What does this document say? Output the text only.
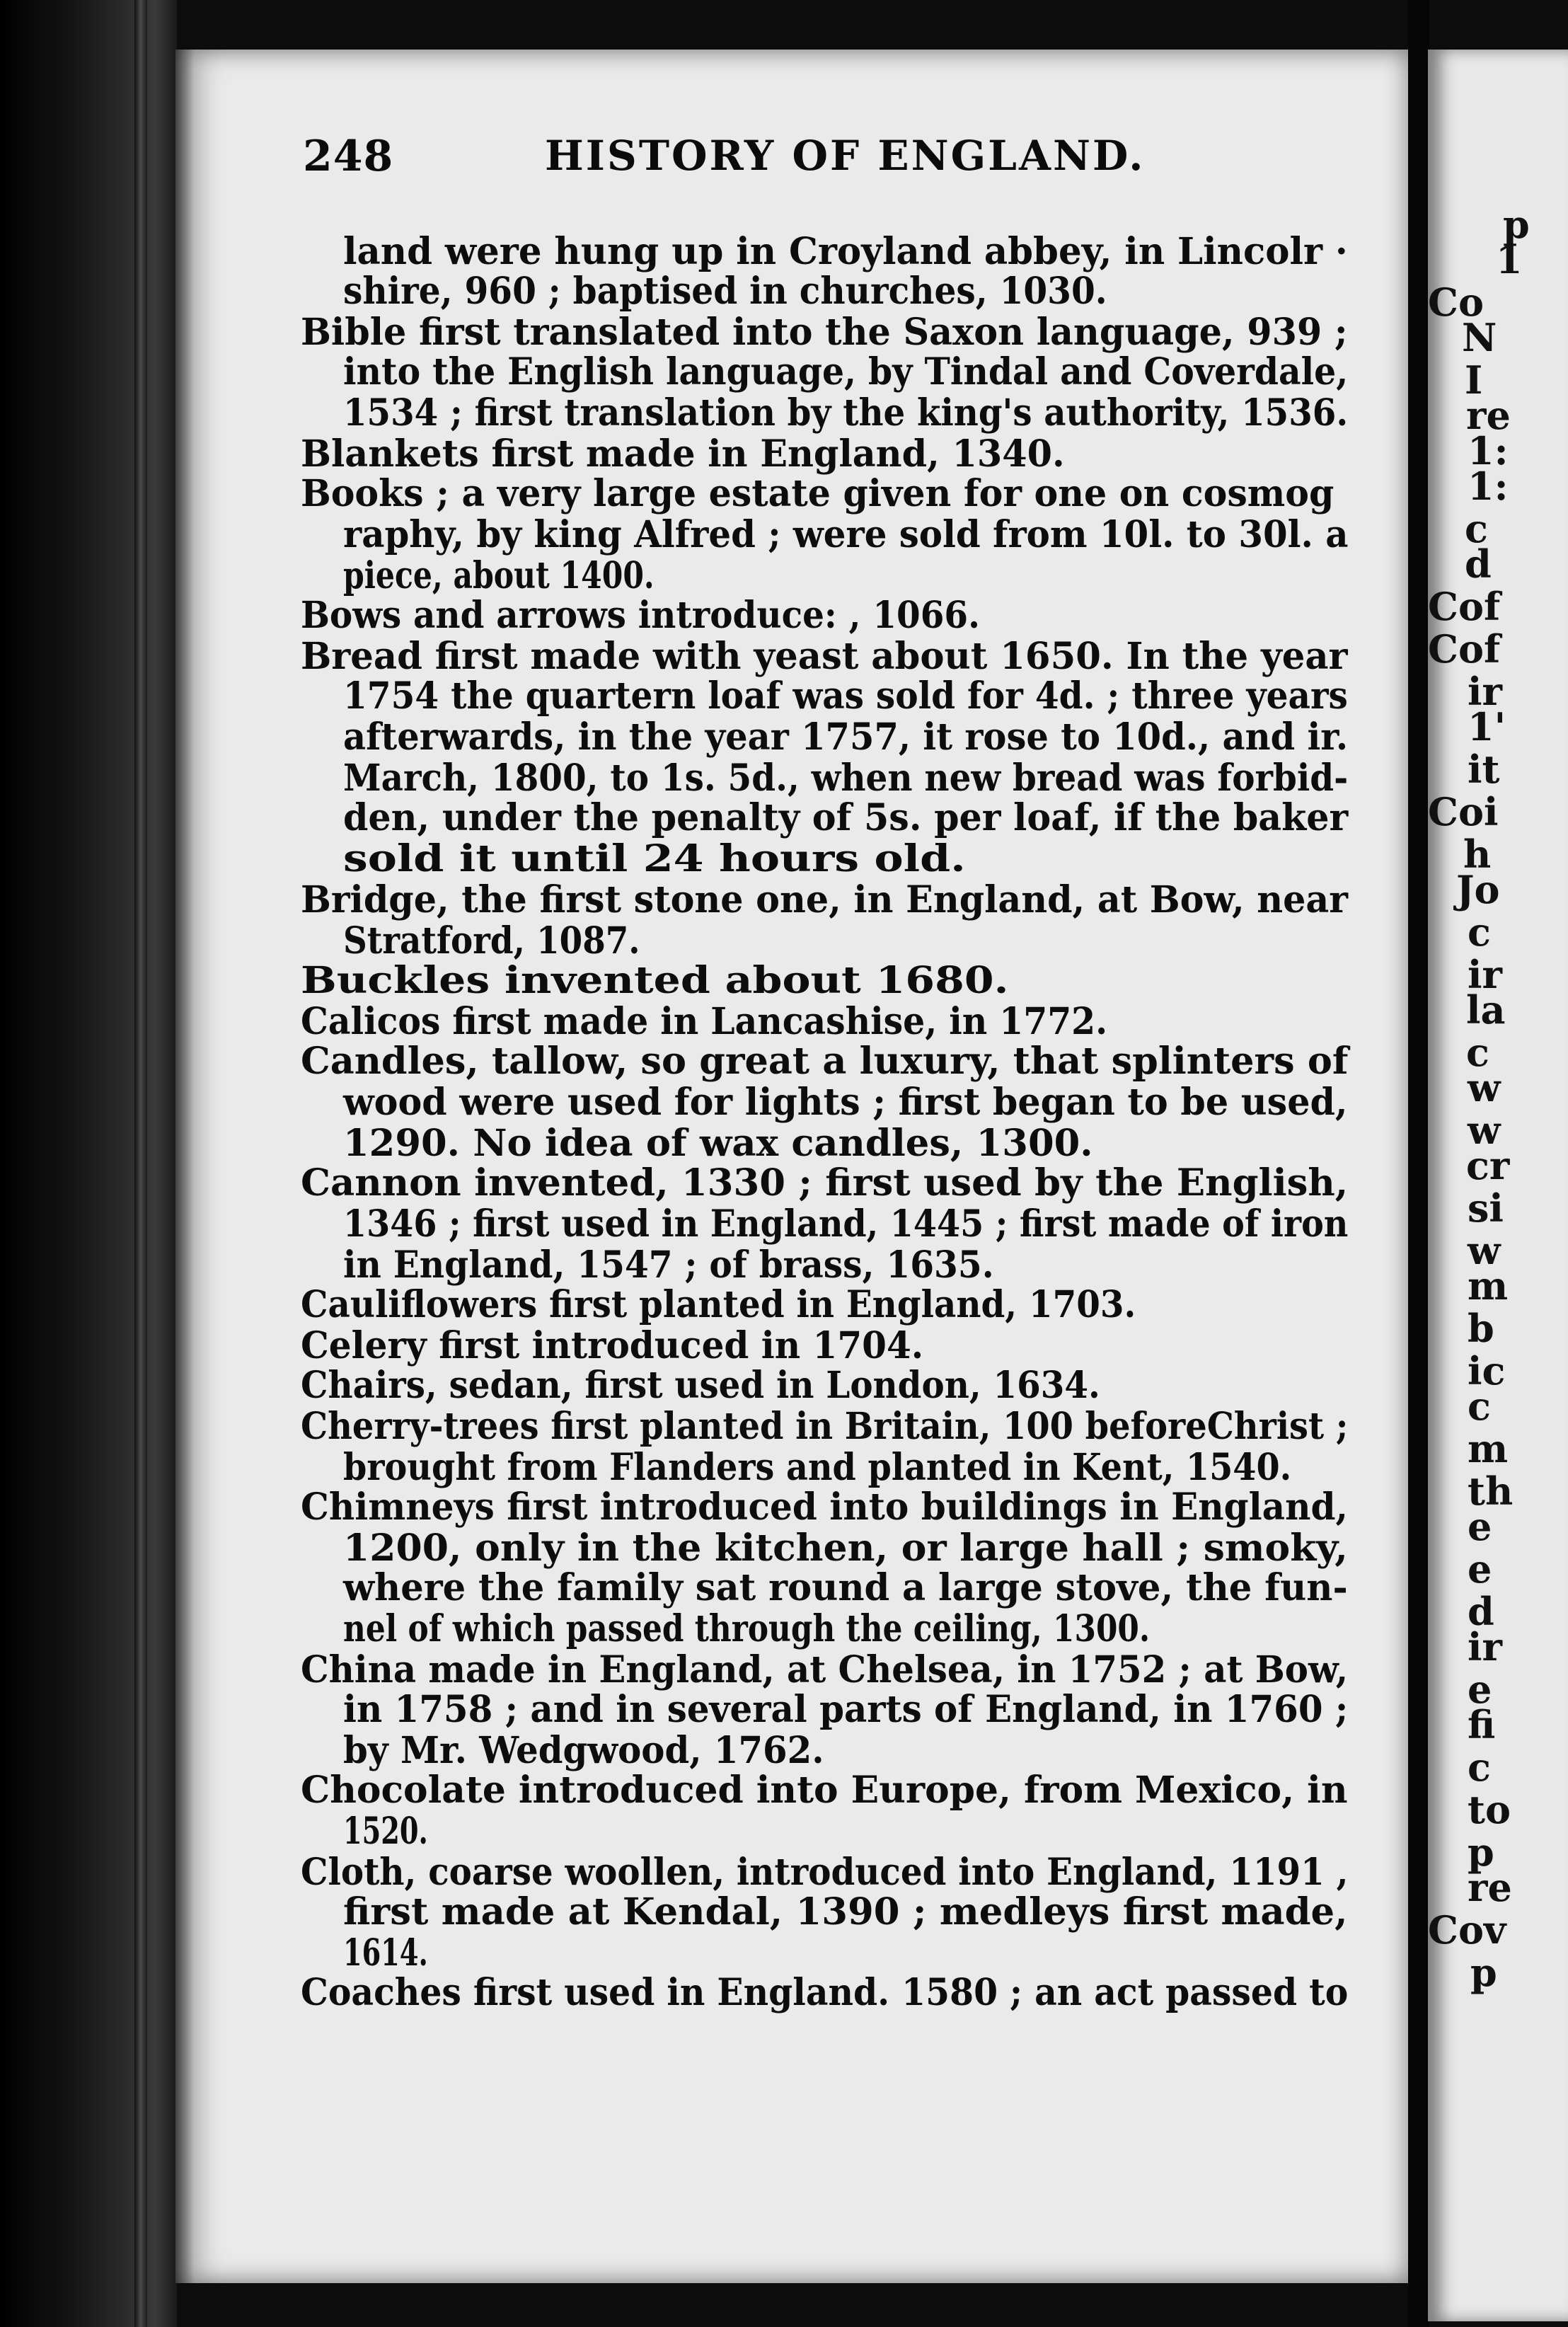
p
1
Co
N
I
re
1:
1:
c
d
Cof
Cof
ir
1'
it
Coi
h
Jo
c
ir
la
c
w
w
cr
si
w
m
b
ic
c
m
th
e
e
d
ir
e
fi
c
to
p
re
Cov
p
248	HISTORY OF ENGLAND.
land were hung up in Croyland abbey, in Lincolr ·
shire, 960 ; baptised in churches, 1030.
Bible first translated into the Saxon language, 939 ;
into the English language, by Tindal and Coverdale,
1534 ; first translation by the king's authority, 1536.
Blankets first made in England, 1340.
Books ; a very large estate given for one on cosmog
raphy, by king Alfred ; were sold from 10l. to 30l. a
piece, about 1400.
Bows and arrows introduce: , 1066.
Bread first made with yeast about 1650. In the year
1754 the quartern loaf was sold for 4d. ; three years
afterwards, in the year 1757, it rose to 10d., and ir.
March, 1800, to 1s. 5d., when new bread was forbid-
den, under the penalty of 5s. per loaf, if the baker
sold it until 24 hours old.
Bridge, the first stone one, in England, at Bow, near
Stratford, 1087.
Buckles invented about 1680.
Calicos first made in Lancashise, in 1772.
Candles, tallow, so great a luxury, that splinters of
wood were used for lights ; first began to be used,
1290. No idea of wax candles, 1300.
Cannon invented, 1330 ; first used by the English,
1346 ; first used in England, 1445 ; first made of iron
in England, 1547 ; of brass, 1635.
Cauliflowers first planted in England, 1703.
Celery first introduced in 1704.
Chairs, sedan, first used in London, 1634.
Cherry-trees first planted in Britain, 100 beforeChrist ;
brought from Flanders and planted in Kent, 1540.
Chimneys first introduced into buildings in England,
1200, only in the kitchen, or large hall ; smoky,
where the family sat round a large stove, the fun-
nel of which passed through the ceiling, 1300.
China made in England, at Chelsea, in 1752 ; at Bow,
in 1758 ; and in several parts of England, in 1760 ;
by Mr. Wedgwood, 1762.
Chocolate introduced into Europe, from Mexico, in
1520.
Cloth, coarse woollen, introduced into England, 1191 ,
first made at Kendal, 1390 ; medleys first made,
1614.
Coaches first used in England. 1580 ; an act passed to
